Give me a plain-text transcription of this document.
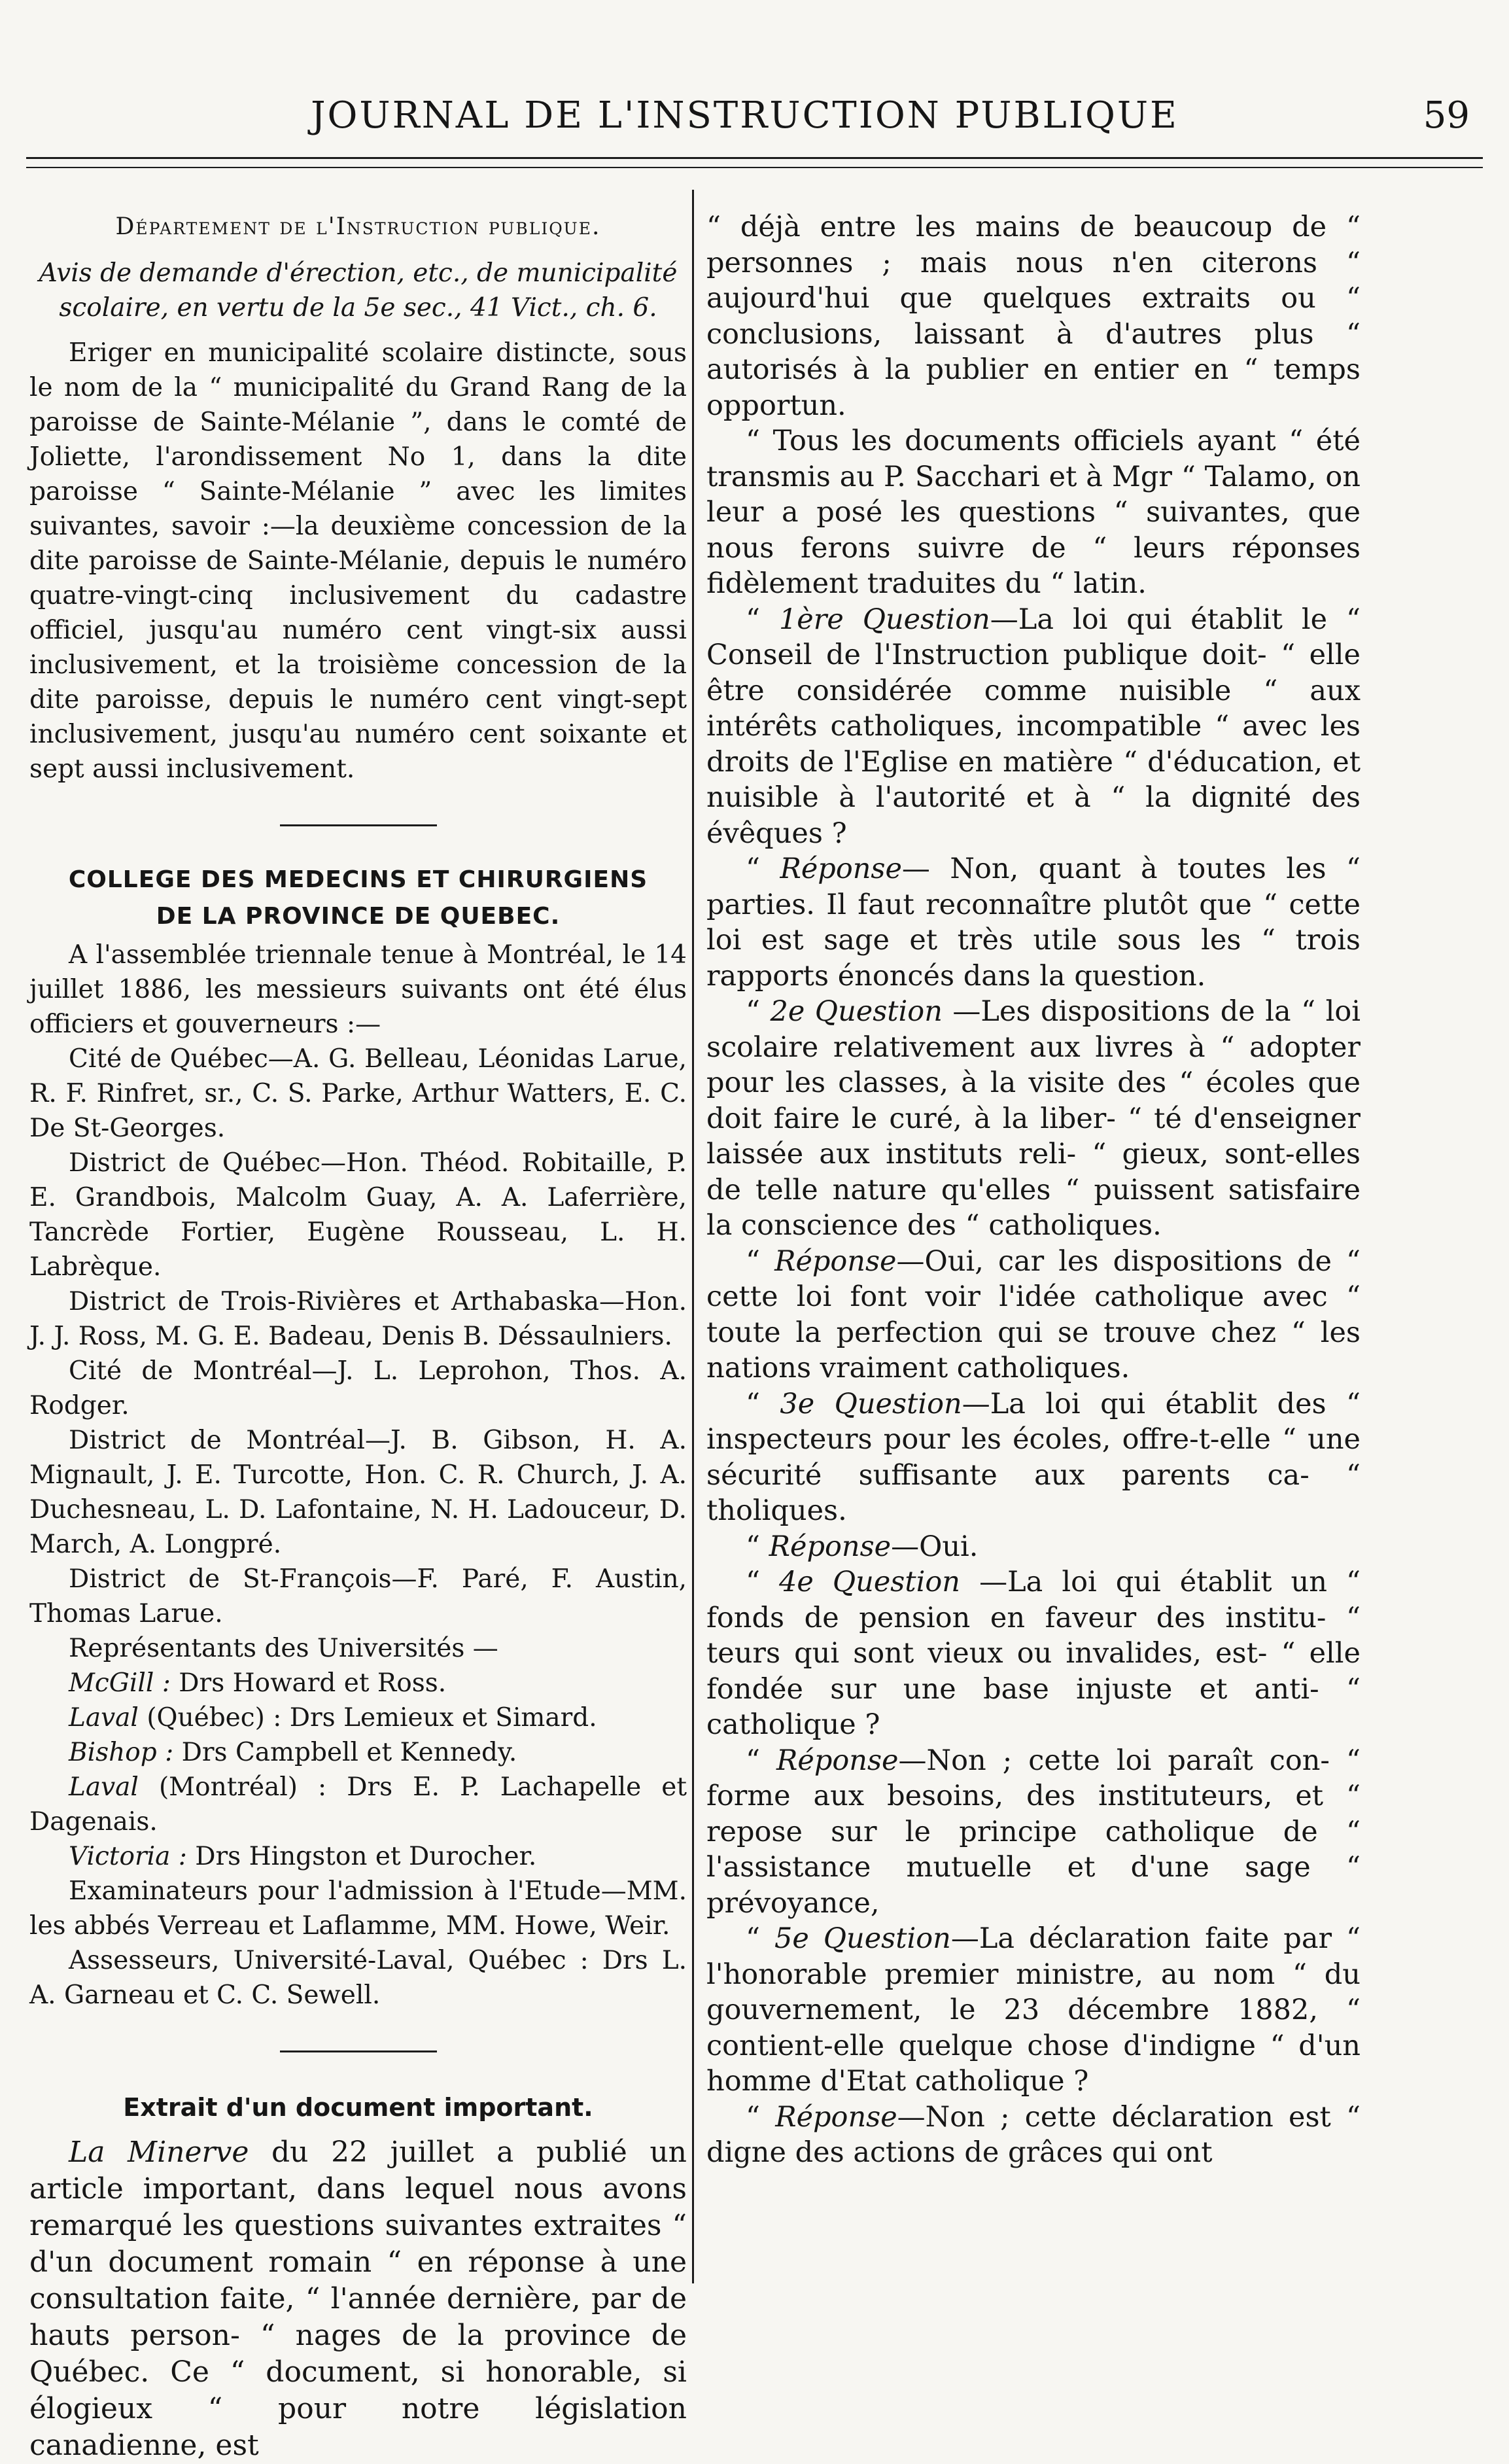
JOURNAL DE L'INSTRUCTION PUBLIQUE	59

Département de l'Instruction publique.

Avis de demande d'érection, etc., de municipalité scolaire, en vertu de la 5e sec., 41 Vict., ch. 6.

Eriger en municipalité scolaire distincte, sous le nom de la “ municipalité du Grand Rang de la paroisse de Sainte-Mélanie ”, dans le comté de Joliette, l'arondissement No 1, dans la dite paroisse “ Sainte-Mélanie ” avec les limites suivantes, savoir :—la deuxième concession de la dite paroisse de Sainte-Mélanie, depuis le numéro quatre-vingt-cinq inclusivement du cadastre officiel, jusqu'au numéro cent vingt-six aussi inclusivement, et la troisième concession de la dite paroisse, depuis le numéro cent vingt-sept inclusivement, jusqu'au numéro cent soixante et sept aussi inclusivement.

COLLEGE DES MEDECINS ET CHIRURGIENS

DE LA PROVINCE DE QUEBEC.

A l'assemblée triennale tenue à Montréal, le 14 juillet 1886, les messieurs suivants ont été élus officiers et gouverneurs :—

Cité de Québec—A. G. Belleau, Léonidas Larue, R. F. Rinfret, sr., C. S. Parke, Arthur Watters, E. C. De St-Georges.

District de Québec—Hon. Théod. Robitaille, P. E. Grandbois, Malcolm Guay, A. A. Laferrière, Tancrède Fortier, Eugène Rousseau, L. H. Labrèque.

District de Trois-Rivières et Arthabaska—Hon. J. J. Ross, M. G. E. Badeau, Denis B. Déssaulniers.

Cité de Montréal—J. L. Leprohon, Thos. A. Rodger.

District de Montréal—J. B. Gibson, H. A. Mignault, J. E. Turcotte, Hon. C. R. Church, J. A. Duchesneau, L. D. Lafontaine, N. H. Ladouceur, D. March, A. Longpré.

District de St-François—F. Paré, F. Austin, Thomas Larue.

Représentants des Universités —

McGill : Drs Howard et Ross.

Laval (Québec) : Drs Lemieux et Simard.

Bishop : Drs Campbell et Kennedy.

Laval (Montréal) : Drs E. P. Lachapelle et Dagenais.

Victoria : Drs Hingston et Durocher.

Examinateurs pour l'admission à l'Etude—MM. les abbés Verreau et Laflamme, MM. Howe, Weir.

Assesseurs, Université-Laval, Québec : Drs L. A. Garneau et C. C. Sewell.

Extrait d'un document important.

La Minerve du 22 juillet a publié un article important, dans lequel nous avons remarqué les questions suivantes extraites “ d'un document romain “ en réponse à une consultation faite, “ l'année dernière, par de hauts person- “ nages de la province de Québec. Ce “ document, si honorable, si élogieux “ pour notre législation canadienne, est

“ déjà entre les mains de beaucoup de “ personnes ; mais nous n'en citerons “ aujourd'hui que quelques extraits ou “ conclusions, laissant à d'autres plus “ autorisés à la publier en entier en “ temps opportun.

“ Tous les documents officiels ayant “ été transmis au P. Sacchari et à Mgr “ Talamo, on leur a posé les questions “ suivantes, que nous ferons suivre de “ leurs réponses fidèlement traduites du “ latin.

“ 1ère Question—La loi qui établit le “ Conseil de l'Instruction publique doit- “ elle être considérée comme nuisible “ aux intérêts catholiques, incompatible “ avec les droits de l'Eglise en matière “ d'éducation, et nuisible à l'autorité et à “ la dignité des évêques ?

“ Réponse— Non, quant à toutes les “ parties. Il faut reconnaître plutôt que “ cette loi est sage et très utile sous les “ trois rapports énoncés dans la question.

“ 2e Question —Les dispositions de la “ loi scolaire relativement aux livres à “ adopter pour les classes, à la visite des “ écoles que doit faire le curé, à la liber- “ té d'enseigner laissée aux instituts reli- “ gieux, sont-elles de telle nature qu'elles “ puissent satisfaire la conscience des “ catholiques.

“ Réponse—Oui, car les dispositions de “ cette loi font voir l'idée catholique avec “ toute la perfection qui se trouve chez “ les nations vraiment catholiques.

“ 3e Question—La loi qui établit des “ inspecteurs pour les écoles, offre-t-elle “ une sécurité suffisante aux parents ca- “ tholiques.

“ Réponse—Oui.

“ 4e Question —La loi qui établit un “ fonds de pension en faveur des institu- “ teurs qui sont vieux ou invalides, est- “ elle fondée sur une base injuste et anti- “ catholique ?

“ Réponse—Non ; cette loi paraît con- “ forme aux besoins, des instituteurs, et “ repose sur le principe catholique de “ l'assistance mutuelle et d'une sage “ prévoyance,

“ 5e Question—La déclaration faite par “ l'honorable premier ministre, au nom “ du gouvernement, le 23 décembre 1882, “ contient-elle quelque chose d'indigne “ d'un homme d'Etat catholique ?

“ Réponse—Non ; cette déclaration est “ digne des actions de grâces qui ont
